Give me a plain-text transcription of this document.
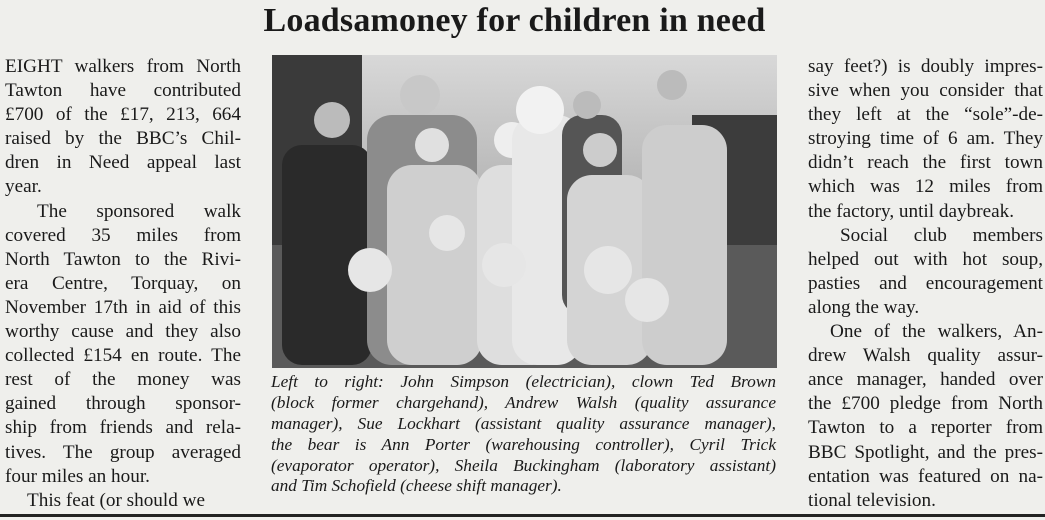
Loadsamoney for children in need
EIGHT walkers from North
Tawton have contributed
£700 of the £17, 213, 664
raised by the BBC’s Chil-
dren in Need appeal last
year.
The sponsored walk
covered 35 miles from
North Tawton to the Rivi-
era Centre, Torquay, on
November 17th in aid of this
worthy cause and they also
collected £154 en route. The
rest of the money was
gained through sponsor-
ship from friends and rela-
tives. The group averaged
four miles an hour.
This feat (or should we
Left to right: John Simpson (electrician), clown Ted Brown
(block former chargehand), Andrew Walsh (quality assurance
manager), Sue Lockhart (assistant quality assurance manager),
the bear is Ann Porter (warehousing controller), Cyril Trick
(evaporator operator), Sheila Buckingham (laboratory assistant)
and Tim Schofield (cheese shift manager).
say feet?) is doubly impres-
sive when you consider that
they left at the “sole”-de-
stroying time of 6 am. They
didn’t reach the first town
which was 12 miles from
the factory, until daybreak.
Social club members
helped out with hot soup,
pasties and encouragement
along the way.
One of the walkers, An-
drew Walsh quality assur-
ance manager, handed over
the £700 pledge from North
Tawton to a reporter from
BBC Spotlight, and the pres-
entation was featured on na-
tional television.
